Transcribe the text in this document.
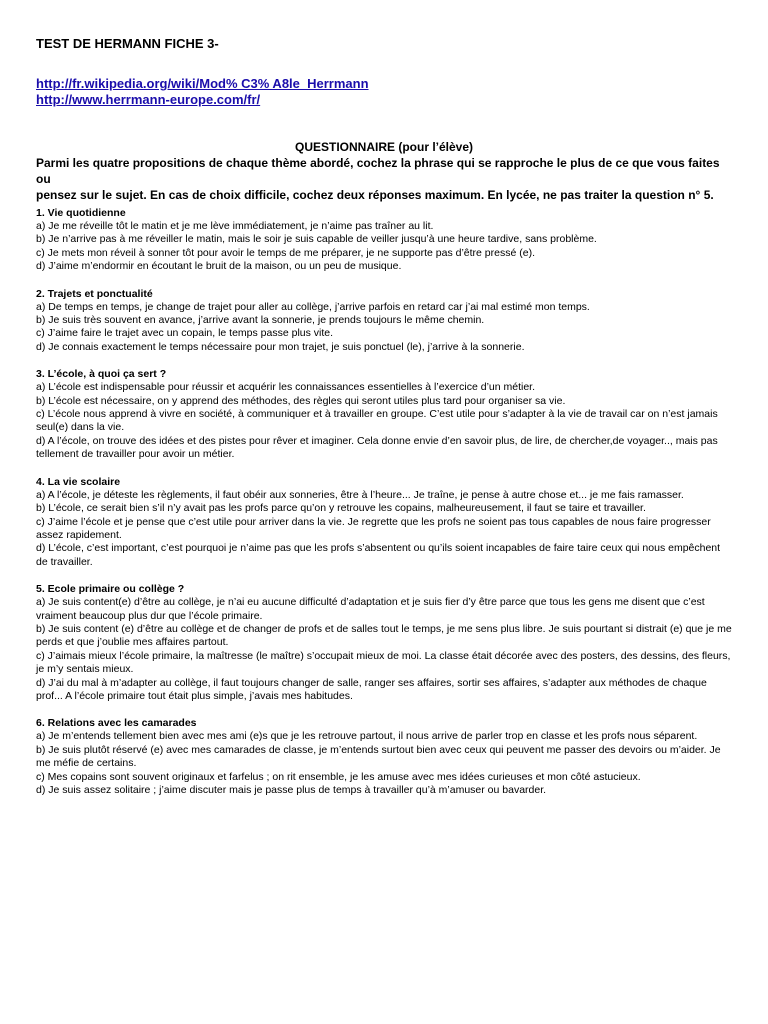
TEST DE HERMANN FICHE 3-

http://fr.wikipedia.org/wiki/Mod% C3% A8le_Herrmann
http://www.herrmann-europe.com/fr/
QUESTIONNAIRE (pour l’élève)

Parmi les quatre propositions de chaque thème abordé, cochez la phrase qui se rapproche le plus de ce que vous faites ou

pensez sur le sujet. En cas de choix difficile, cochez deux réponses maximum. En lycée, ne pas traiter la question n° 5.

1. Vie quotidienne

a) Je me réveille tôt le matin et je me lève immédiatement, je n’aime pas traîner au lit.
b) Je n’arrive pas à me réveiller le matin, mais le soir je suis capable de veiller jusqu’à une heure tardive, sans problème.
c) Je mets mon réveil à sonner tôt pour avoir le temps de me préparer, je ne supporte pas d’être pressé (e).
d) J’aime m’endormir en écoutant le bruit de la maison, ou un peu de musique.

2. Trajets et ponctualité

a) De temps en temps, je change de trajet pour aller au collège, j’arrive parfois en retard car j’ai mal estimé mon temps.
b) Je suis très souvent en avance, j’arrive avant la sonnerie, je prends toujours le même chemin.
c) J’aime faire le trajet avec un copain, le temps passe plus vite.
d) Je connais exactement le temps nécessaire pour mon trajet, je suis ponctuel (le), j’arrive à la sonnerie.

3. L’école, à quoi ça sert ?

a) L’école est indispensable pour réussir et acquérir les connaissances essentielles à l’exercice d’un métier.
b) L’école est nécessaire, on y apprend des méthodes, des règles qui seront utiles plus tard pour organiser sa vie.
c) L’école nous apprend à vivre en société, à communiquer et à travailler en groupe. C’est utile pour s’adapter à la vie de travail car on n’est jamais seul(e) dans la vie.
d) A l’école, on trouve des idées et des pistes pour rêver et imaginer. Cela donne envie d’en savoir plus, de lire, de chercher,de voyager.., mais pas tellement de travailler pour avoir un métier.

4. La vie scolaire

a) A l’école, je déteste les règlements, il faut obéir aux sonneries, être à l’heure... Je traîne, je pense à autre chose et... je me fais ramasser.
b) L’école, ce serait bien s’il n’y avait pas les profs parce qu’on y retrouve les copains, malheureusement, il faut se taire et travailler.
c) J’aime l’école et je pense que c’est utile pour arriver dans la vie. Je regrette que les profs ne soient pas tous capables de nous faire progresser assez rapidement.
d) L’école, c’est important, c’est pourquoi je n’aime pas que les profs s’absentent ou qu’ils soient incapables de faire taire ceux qui nous empêchent de travailler.

5. Ecole primaire ou collège ?

a) Je suis content(e) d’être au collège, je n’ai eu aucune difficulté d’adaptation et je suis fier d’y être parce que tous les gens me disent que c’est vraiment beaucoup plus dur que l’école primaire.
b) Je suis content (e) d’être au collège et de changer de profs et de salles tout le temps, je me sens plus libre. Je suis pourtant si distrait (e) que je me perds et que j’oublie mes affaires partout.
c) J’aimais mieux l’école primaire, la maîtresse (le maître) s’occupait mieux de moi. La classe était décorée avec des posters, des dessins, des fleurs, je m’y sentais mieux.
d) J’ai du mal à m’adapter au collège, il faut toujours changer de salle, ranger ses affaires, sortir ses affaires, s’adapter aux méthodes de chaque prof... A l’école primaire tout était plus simple, j’avais mes habitudes.

6. Relations avec les camarades

a) Je m’entends tellement bien avec mes ami (e)s que je les retrouve partout, il nous arrive de parler trop en classe et les profs nous séparent.
b) Je suis plutôt réservé (e) avec mes camarades de classe, je m’entends surtout bien avec ceux qui peuvent me passer des devoirs ou m’aider. Je me méfie de certains.
c) Mes copains sont souvent originaux et farfelus ; on rit ensemble, je les amuse avec mes idées curieuses et mon côté astucieux.
d) Je suis assez solitaire ; j’aime discuter mais je passe plus de temps à travailler qu’à m’amuser ou bavarder.
